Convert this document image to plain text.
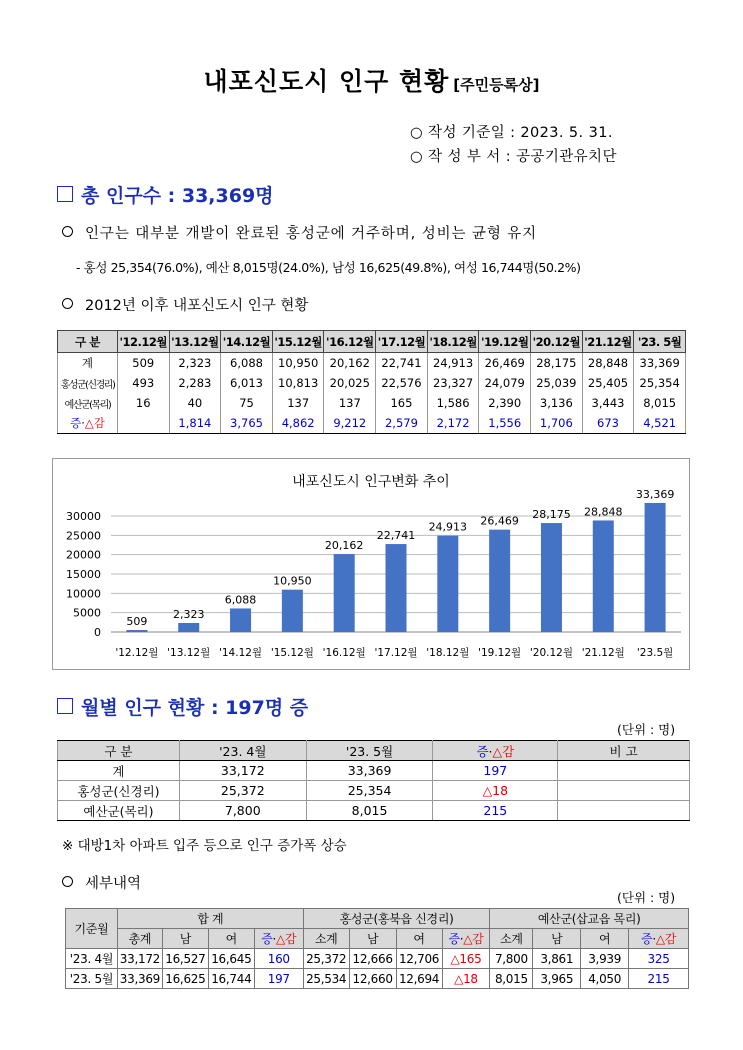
내포신도시 인구 현황 [주민등록상]
○ 작성 기준일 : 2023. 5. 31.
○ 작 성 부 서 : 공공기관유치단
총 인구수 : 33,369명
인구는 대부분 개발이 완료된 홍성군에 거주하며, 성비는 균형 유지
- 홍성 25,354(76.0%), 예산 8,015명(24.0%), 남성 16,625(49.8%), 여성 16,744명(50.2%)
2012년 이후 내포신도시 인구 현황
구 분	'12.12월	'13.12월	'14.12월	'15.12월	'16.12월	'17.12월	'18.12월	'19.12월	'20.12월	'21.12월	'23. 5월
계	509	2,323	6,088	10,950	20,162	22,741	24,913	26,469	28,175	28,848	33,369
홍성군(신경리)	493	2,283	6,013	10,813	20,025	22,576	23,327	24,079	25,039	25,405	25,354
예산군(목리)	16	40	75	137	137	165	1,586	2,390	3,136	3,443	8,015
증·△감		1,814	3,765	4,862	9,212	2,579	2,172	1,556	1,706	673	4,521
내포신도시 인구변화 추이
0
5000
10000
15000
20000
25000
30000
509
'12.12월
2,323
'13.12월
6,088
'14.12월
10,950
'15.12월
20,162
'16.12월
22,741
'17.12월
24,913
'18.12월
26,469
'19.12월
28,175
'20.12월
28,848
'21.12월
33,369
'23.5월
월별 인구 현황 : 197명 증
(단위 : 명)
구 분	'23. 4월	'23. 5월	증·△감	비 고
계	33,172	33,369	197	
홍성군(신경리)	25,372	25,354	△18	
예산군(목리)	7,800	8,015	215	
※ 대방1차 아파트 입주 등으로 인구 증가폭 상승
세부내역
(단위 : 명)
기준월	합 계				홍성군(홍북읍 신경리)				예산군(삽교읍 목리)			
	총계	남	여	증·△감	소계	남	여	증·△감	소계	남	여	증·△감
'23. 4월	33,172	16,527	16,645	160	25,372	12,666	12,706	△165	7,800	3,861	3,939	325
'23. 5월	33,369	16,625	16,744	197	25,534	12,660	12,694	△18	8,015	3,965	4,050	215
